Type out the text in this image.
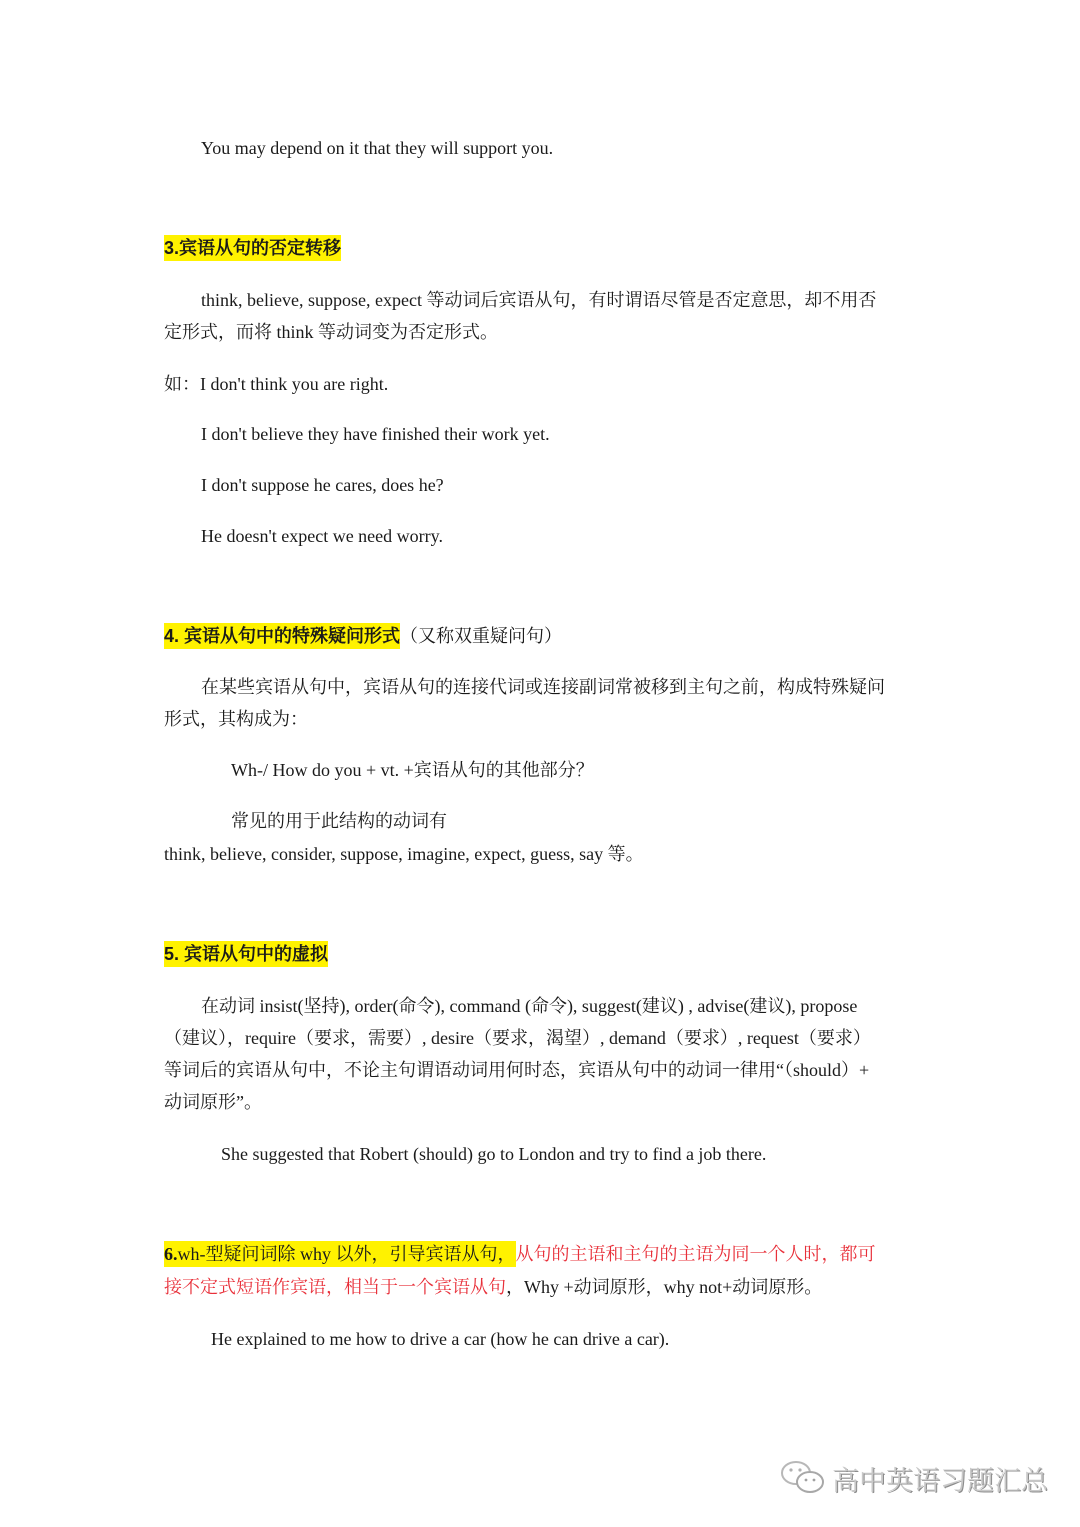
You may depend on it that they will support you.
3.宾语从句的否定转移
think, believe, suppose, expect 等动词后宾语从句，有时谓语尽管是否定意思，却不用否
定形式，而将 think 等动词变为否定形式。
如：I don't think you are right.
I don't believe they have finished their work yet.
I don't suppose he cares, does he?
He doesn't expect we need worry.
4. 宾语从句中的特殊疑问形式（又称双重疑问句）
在某些宾语从句中，宾语从句的连接代词或连接副词常被移到主句之前，构成特殊疑问
形式，其构成为：
Wh-/ How do you + vt. +宾语从句的其他部分？
常见的用于此结构的动词有
think, believe, consider, suppose, imagine, expect, guess, say 等。
5. 宾语从句中的虚拟
在动词 insist(坚持), order(命令), command (命令), suggest(建议) , advise(建议), propose
（建议），require（要求，需要）, desire（要求，渴望）, demand（要求）, request（要求）
等词后的宾语从句中，不论主句谓语动词用何时态，宾语从句中的动词一律用“（should）+
动词原形”。
She suggested that Robert (should) go to London and try to find a job there.
6.wh-型疑问词除 why 以外，引导宾语从句，从句的主语和主句的主语为同一个人时，都可
接不定式短语作宾语，相当于一个宾语从句，Why +动词原形，why not+动词原形。
He explained to me how to drive a car (how he can drive a car).
高中英语习题汇总
